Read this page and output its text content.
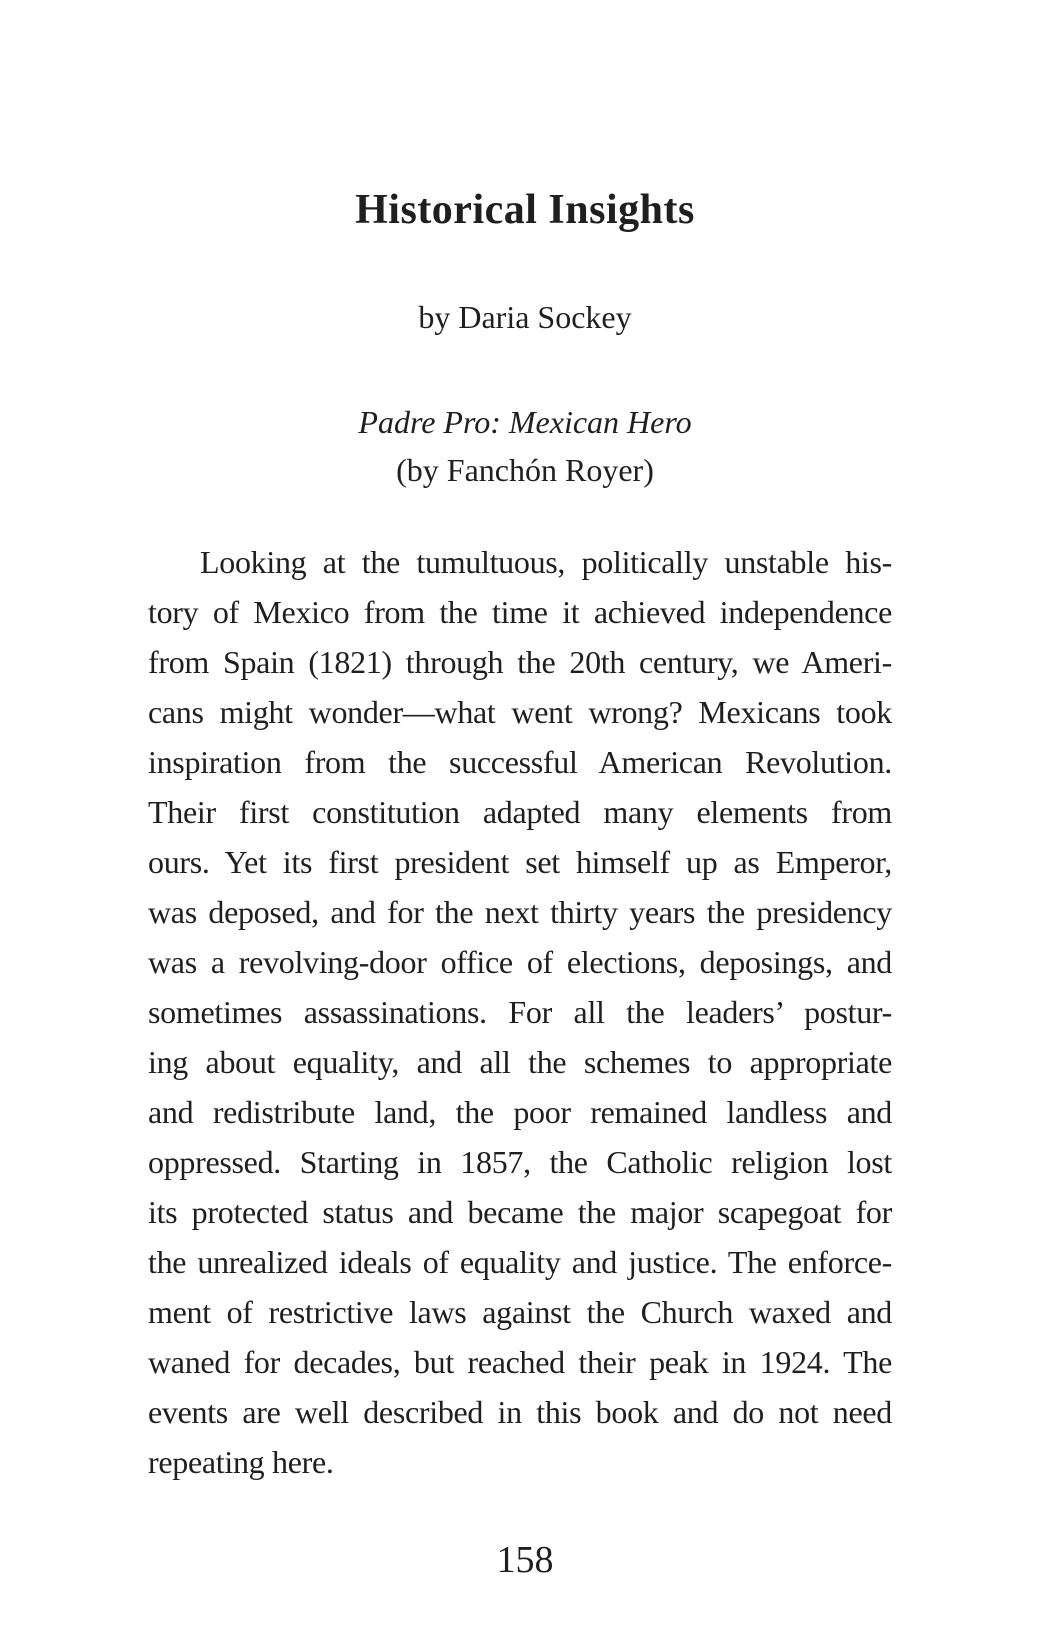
Historical Insights
by Daria Sockey
Padre Pro: Mexican Hero
(by Fanchón Royer)
Looking at the tumultuous, politically unstable his-
tory of Mexico from the time it achieved independence
from Spain (1821) through the 20th century, we Ameri-
cans might wonder—what went wrong? Mexicans took
inspiration from the successful American Revolution.
Their first constitution adapted many elements from
ours. Yet its first president set himself up as Emperor,
was deposed, and for the next thirty years the presidency
was a revolving-door office of elections, deposings, and
sometimes assassinations. For all the leaders’ postur-
ing about equality, and all the schemes to appropriate
and redistribute land, the poor remained landless and
oppressed. Starting in 1857, the Catholic religion lost
its protected status and became the major scapegoat for
the unrealized ideals of equality and justice. The enforce-
ment of restrictive laws against the Church waxed and
waned for decades, but reached their peak in 1924. The
events are well described in this book and do not need
repeating here.
158
